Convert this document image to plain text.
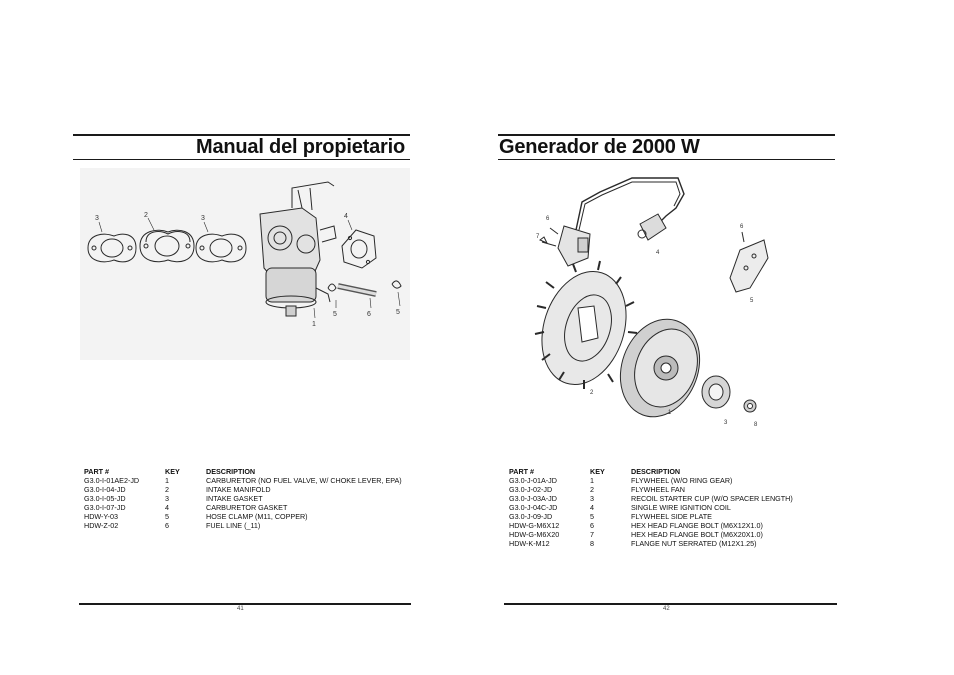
Manual del propietario
3	2	3	4
1
5	6	5
PART #	KEY	DESCRIPTION
G3.0-I-01AE2-JD	1	CARBURETOR (NO FUEL VALVE, W/ CHOKE LEVER, EPA)
G3.0-I-04-JD	2	INTAKE MANIFOLD
G3.0-I-05-JD	3	INTAKE GASKET
G3.0-I-07-JD	4	CARBURETOR GASKET
HDW-Y-03	5	HOSE CLAMP (M11, COPPER)
HDW-Z-02	6	FUEL LINE (_11)
41
Generador de 2000 W
7
6
4
6
5
2
1
3	8
PART #	KEY	DESCRIPTION
G3.0-J-01A-JD	1	FLYWHEEL (W/O RING GEAR)
G3.0-J-02-JD	2	FLYWHEEL FAN
G3.0-J-03A-JD	3	RECOIL STARTER CUP (W/O SPACER LENGTH)
G3.0-J-04C-JD	4	SINGLE WIRE IGNITION COIL
G3.0-J-09-JD	5	FLYWHEEL SIDE PLATE
HDW-G-M6X12	6	HEX HEAD FLANGE BOLT (M6X12X1.0)
HDW-G-M6X20	7	HEX HEAD FLANGE BOLT (M6X20X1.0)
HDW-K-M12	8	FLANGE NUT SERRATED (M12X1.25)
42
